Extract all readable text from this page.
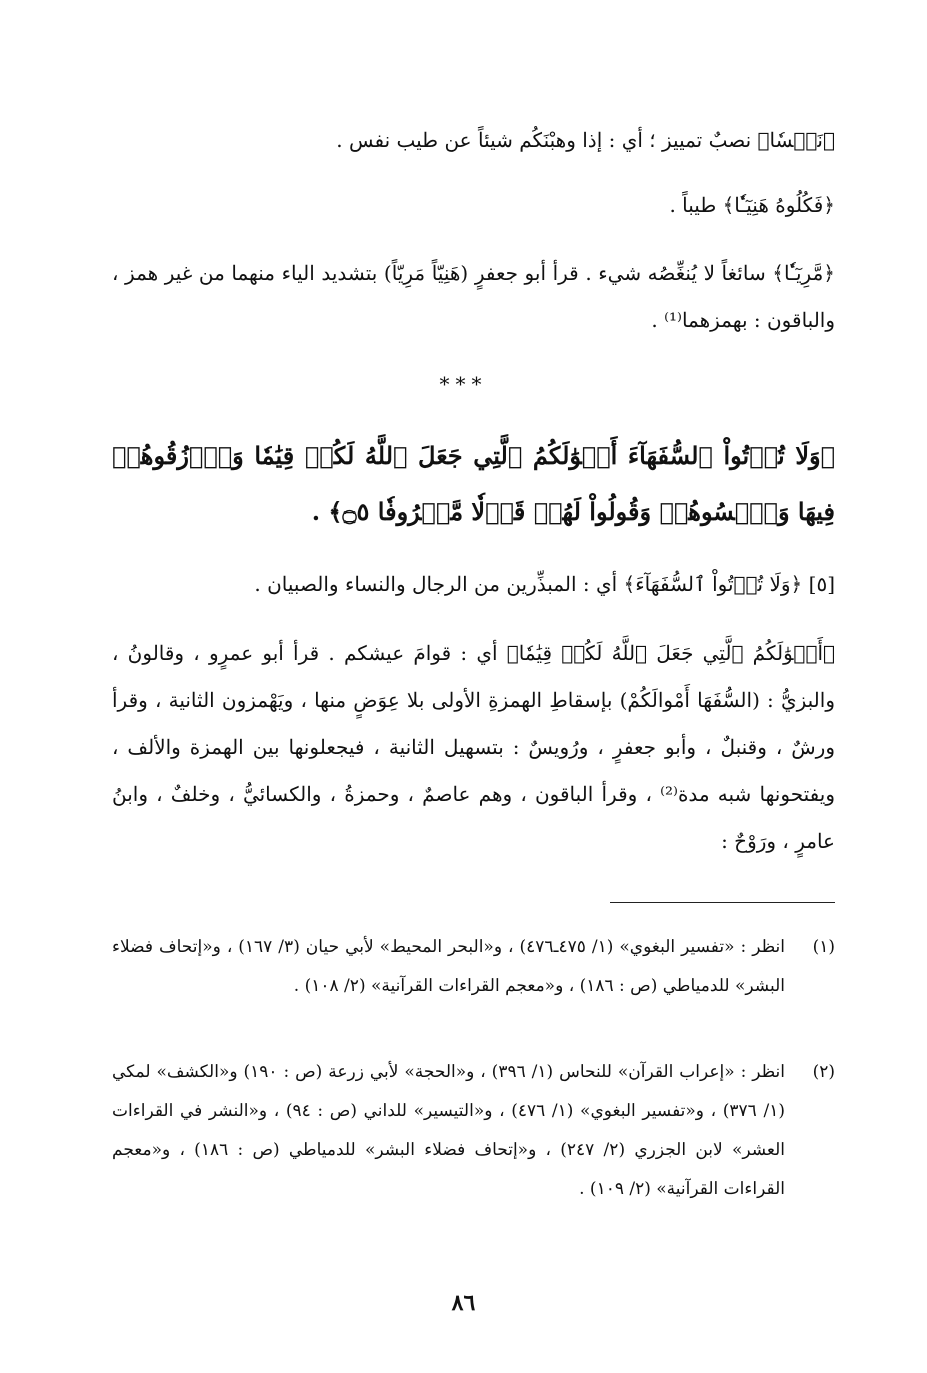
﴿نَفۡسٗا﴾ نصبٌ تمييز ؛ أي : إذا وهبْنَكُم شيئاً عن طيب نفس .
﴿فَكُلُوهُ هَنِيٓـٔٗا﴾ طيباً .
﴿مَّرِيٓـٔٗا﴾ سائغاً لا يُنغِّصُه شيء . قرأ أبو جعفرٍ (هَنِيّاً مَرِيّاً) بتشديد الياء منهما من غير همز ، والباقون : بهمزهما⁽¹⁾ .
***
﴿وَلَا تُؤۡتُواْ ٱلسُّفَهَآءَ أَمۡوَٰلَكُمُ ٱلَّتِي جَعَلَ ٱللَّهُ لَكُمۡ قِيَٰمٗا وَٱرۡزُقُوهُمۡ فِيهَا وَٱكۡسُوهُمۡ وَقُولُواْ لَهُمۡ قَوۡلٗا مَّعۡرُوفٗا ۝٥﴾ .
[٥] ﴿وَلَا تُؤۡتُواْ ٱلسُّفَهَآءَ﴾ أي : المبذِّرين من الرجال والنساء والصبيان .
﴿أَمۡوَٰلَكُمُ ٱلَّتِي جَعَلَ ٱللَّهُ لَكُمۡ قِيَٰمٗا﴾ أي : قوامَ عيشكم . قرأ أبو عمرٍو ، وقالونُ ، والبزيُّ : (السُّفَهَا أَمْوالَكُمْ) بإسقاطِ الهمزةِ الأولى بلا عِوَضٍ منها ، ويَهْمزون الثانية ، وقرأ ورشٌ ، وقنبلٌ ، وأبو جعفرٍ ، ورُويسٌ : بتسهيل الثانية ، فيجعلونها بين الهمزة والألف ، ويفتحونها شبه مدة⁽²⁾ ، وقرأ الباقون ، وهم عاصمٌ ، وحمزةُ ، والكسائيُّ ، وخلفٌ ، وابنُ عامرٍ ، ورَوْحٌ :
(١)
انظر : «تفسير البغوي» (١/ ٤٧٥ـ٤٧٦) ، و«البحر المحيط» لأبي حيان (٣/ ١٦٧) ، و«إتحاف فضلاء البشر» للدمياطي (ص : ١٨٦) ، و«معجم القراءات القرآنية» (٢/ ١٠٨) .
(٢)
انظر : «إعراب القرآن» للنحاس (١/ ٣٩٦) ، و«الحجة» لأبي زرعة (ص : ١٩٠) و«الكشف» لمكي (١/ ٣٧٦) ، و«تفسير البغوي» (١/ ٤٧٦) ، و«التيسير» للداني (ص : ٩٤) ، و«النشر في القراءات العشر» لابن الجزري (٢/ ٢٤٧) ، و«إتحاف فضلاء البشر» للدمياطي (ص : ١٨٦) ، و«معجم القراءات القرآنية» (٢/ ١٠٩) .
٨٦
